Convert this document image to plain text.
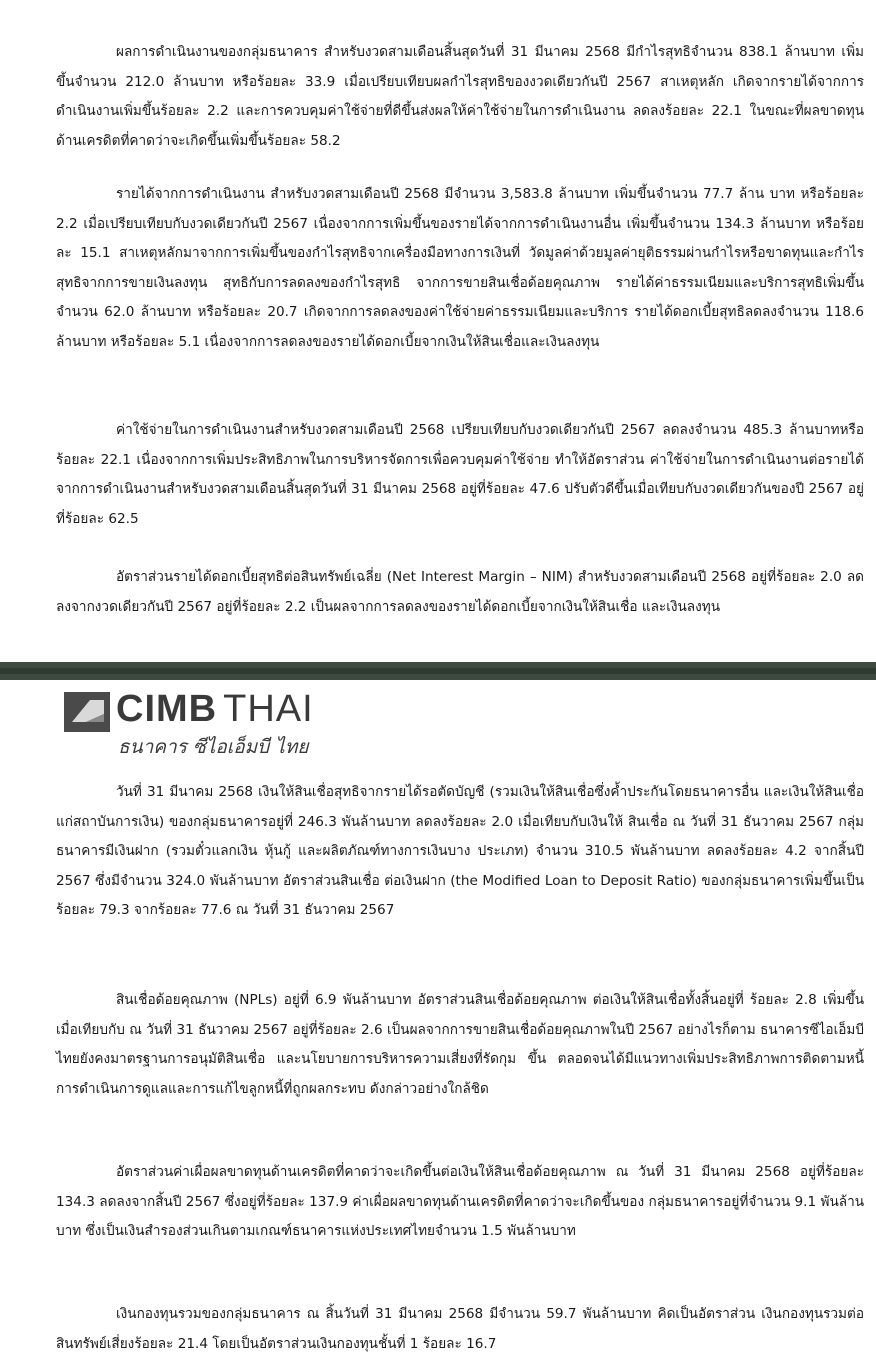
ผลการดำเนินงานของกลุ่มธนาคาร สำหรับงวดสามเดือนสิ้นสุดวันที่ 31 มีนาคม 2568 มีกำไรสุทธิจำนวน 838.1 ล้านบาท เพิ่มขึ้นจำนวน 212.0 ล้านบาท หรือร้อยละ 33.9 เมื่อเปรียบเทียบผลกำไรสุทธิของงวดเดียวกันปี 2567 สาเหตุหลัก เกิดจากรายได้จากการดำเนินงานเพิ่มขึ้นร้อยละ 2.2 และการควบคุมค่าใช้จ่ายที่ดีขึ้นส่งผลให้ค่าใช้จ่ายในการดำเนินงาน ลดลงร้อยละ 22.1 ในขณะที่ผลขาดทุนด้านเครดิตที่คาดว่าจะเกิดขึ้นเพิ่มขึ้นร้อยละ 58.2
รายได้จากการดำเนินงาน สำหรับงวดสามเดือนปี 2568 มีจำนวน 3,583.8 ล้านบาท เพิ่มขึ้นจำนวน 77.7 ล้าน บาท หรือร้อยละ 2.2 เมื่อเปรียบเทียบกับงวดเดียวกันปี 2567 เนื่องจากการเพิ่มขึ้นของรายได้จากการดำเนินงานอื่น เพิ่มขึ้นจำนวน 134.3 ล้านบาท หรือร้อยละ 15.1 สาเหตุหลักมาจากการเพิ่มขึ้นของกำไรสุทธิจากเครื่องมือทางการเงินที่ วัดมูลค่าด้วยมูลค่ายุติธรรมผ่านกำไรหรือขาดทุนและกำไรสุทธิจากการขายเงินลงทุน สุทธิกับการลดลงของกำไรสุทธิ จากการขายสินเชื่อด้อยคุณภาพ รายได้ค่าธรรมเนียมและบริการสุทธิเพิ่มขึ้นจำนวน 62.0 ล้านบาท หรือร้อยละ 20.7 เกิดจากการลดลงของค่าใช้จ่ายค่าธรรมเนียมและบริการ รายได้ดอกเบี้ยสุทธิลดลงจำนวน 118.6 ล้านบาท หรือร้อยละ 5.1 เนื่องจากการลดลงของรายได้ดอกเบี้ยจากเงินให้สินเชื่อและเงินลงทุน
ค่าใช้จ่ายในการดำเนินงานสำหรับงวดสามเดือนปี 2568 เปรียบเทียบกับงวดเดียวกันปี 2567 ลดลงจำนวน 485.3 ล้านบาทหรือร้อยละ 22.1 เนื่องจากการเพิ่มประสิทธิภาพในการบริหารจัดการเพื่อควบคุมค่าใช้จ่าย ทำให้อัตราส่วน ค่าใช้จ่ายในการดำเนินงานต่อรายได้จากการดำเนินงานสำหรับงวดสามเดือนสิ้นสุดวันที่ 31 มีนาคม 2568 อยู่ที่ร้อยละ 47.6 ปรับตัวดีขึ้นเมื่อเทียบกับงวดเดียวกันของปี 2567 อยู่ที่ร้อยละ 62.5
อัตราส่วนรายได้ดอกเบี้ยสุทธิต่อสินทรัพย์เฉลี่ย (Net Interest Margin – NIM) สำหรับงวดสามเดือนปี 2568 อยู่ที่ร้อยละ 2.0 ลดลงจากงวดเดียวกันปี 2567 อยู่ที่ร้อยละ 2.2 เป็นผลจากการลดลงของรายได้ดอกเบี้ยจากเงินให้สินเชื่อ และเงินลงทุน
CIMB THAI
ธนาคาร ซีไอเอ็มบี ไทย
วันที่ 31 มีนาคม 2568 เงินให้สินเชื่อสุทธิจากรายได้รอตัดบัญชี (รวมเงินให้สินเชื่อซึ่งค้ำประกันโดยธนาคารอื่น และเงินให้สินเชื่อแก่สถาบันการเงิน) ของกลุ่มธนาคารอยู่ที่ 246.3 พันล้านบาท ลดลงร้อยละ 2.0 เมื่อเทียบกับเงินให้ สินเชื่อ ณ วันที่ 31 ธันวาคม 2567 กลุ่มธนาคารมีเงินฝาก (รวมตั๋วแลกเงิน หุ้นกู้ และผลิตภัณฑ์ทางการเงินบาง ประเภท) จำนวน 310.5 พันล้านบาท ลดลงร้อยละ 4.2 จากสิ้นปี 2567 ซึ่งมีจำนวน 324.0 พันล้านบาท อัตราส่วนสินเชื่อ ต่อเงินฝาก (the Modified Loan to Deposit Ratio) ของกลุ่มธนาคารเพิ่มขึ้นเป็นร้อยละ 79.3 จากร้อยละ 77.6 ณ วันที่ 31 ธันวาคม 2567
สินเชื่อด้อยคุณภาพ (NPLs) อยู่ที่ 6.9 พันล้านบาท อัตราส่วนสินเชื่อด้อยคุณภาพ ต่อเงินให้สินเชื่อทั้งสิ้นอยู่ที่ ร้อยละ 2.8 เพิ่มขึ้นเมื่อเทียบกับ ณ วันที่ 31 ธันวาคม 2567 อยู่ที่ร้อยละ 2.6 เป็นผลจากการขายสินเชื่อด้อยคุณภาพในปี 2567 อย่างไรก็ตาม ธนาคารซีไอเอ็มบีไทยยังคงมาตรฐานการอนุมัติสินเชื่อ และนโยบายการบริหารความเสี่ยงที่รัดกุม ขึ้น ตลอดจนได้มีแนวทางเพิ่มประสิทธิภาพการติดตามหนี้ การดำเนินการดูแลและการแก้ไขลูกหนี้ที่ถูกผลกระทบ ดังกล่าวอย่างใกล้ชิด
อัตราส่วนค่าเผื่อผลขาดทุนด้านเครดิตที่คาดว่าจะเกิดขึ้นต่อเงินให้สินเชื่อด้อยคุณภาพ ณ วันที่ 31 มีนาคม 2568 อยู่ที่ร้อยละ 134.3 ลดลงจากสิ้นปี 2567 ซึ่งอยู่ที่ร้อยละ 137.9 ค่าเผื่อผลขาดทุนด้านเครดิตที่คาดว่าจะเกิดขึ้นของ กลุ่มธนาคารอยู่ที่จำนวน 9.1 พันล้านบาท ซึ่งเป็นเงินสำรองส่วนเกินตามเกณฑ์ธนาคารแห่งประเทศไทยจำนวน 1.5 พันล้านบาท
เงินกองทุนรวมของกลุ่มธนาคาร ณ สิ้นวันที่ 31 มีนาคม 2568 มีจำนวน 59.7 พันล้านบาท คิดเป็นอัตราส่วน เงินกองทุนรวมต่อสินทรัพย์เสี่ยงร้อยละ 21.4 โดยเป็นอัตราส่วนเงินกองทุนชั้นที่ 1 ร้อยละ 16.7
